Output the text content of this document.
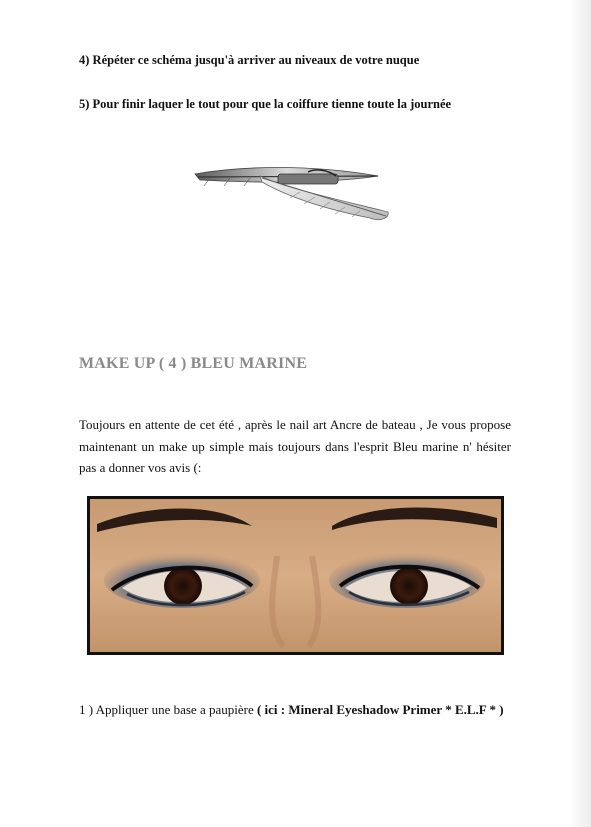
4) Répéter ce schéma jusqu'à arriver au niveaux de votre nuque
5) Pour finir laquer le tout pour que la coiffure tienne toute la journée
MAKE UP ( 4 ) BLEU MARINE
Toujours en attente de cet été , après le nail art Ancre de bateau , Je vous propose maintenant un make up simple mais toujours dans l'esprit Bleu marine n' hésiter pas a donner vos avis (:
1 ) Appliquer une base a paupière ( ici : Mineral Eyeshadow Primer * E.L.F * )
